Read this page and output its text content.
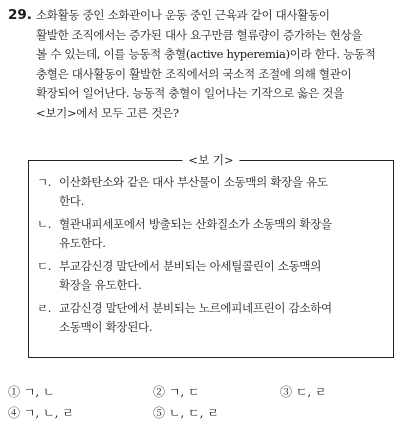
29. 소화활동 중인 소화관이나 운동 중인 근육과 같이 대사활동이
활발한 조직에서는 증가된 대사 요구만큼 혈류량이 증가하는 현상을
볼 수 있는데, 이를 능동적 충혈(active hyperemia)이라 한다. 능동적
충혈은 대사활동이 활발한 조직에서의 국소적 조절에 의해 혈관이
확장되어 일어난다. 능동적 충혈이 일어나는 기작으로 옳은 것을
<보기>에서 모두 고른 것은?
<보 기>
ㄱ. 이산화탄소와 같은 대사 부산물이 소동맥의 확장을 유도
한다.
ㄴ. 혈관내피세포에서 방출되는 산화질소가 소동맥의 확장을
유도한다.
ㄷ. 부교감신경 말단에서 분비되는 아세틸콜린이 소동맥의
확장을 유도한다.
ㄹ. 교감신경 말단에서 분비되는 노르에피네프린이 감소하여
소동맥이 확장된다.
① ㄱ, ㄴ	② ㄱ, ㄷ	③ ㄷ, ㄹ
④ ㄱ, ㄴ, ㄹ	⑤ ㄴ, ㄷ, ㄹ
